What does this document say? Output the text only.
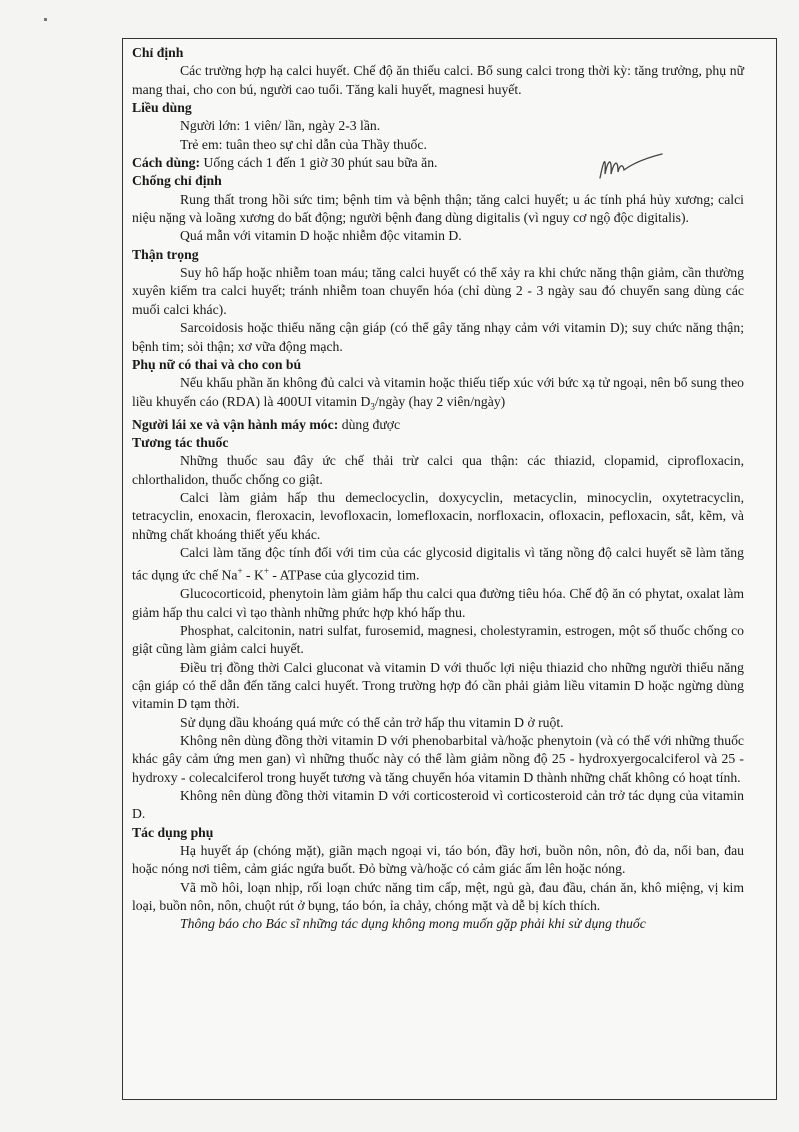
Chỉ định

Các trường hợp hạ calci huyết. Chế độ ăn thiếu calci. Bổ sung calci trong thời kỳ: tăng trưởng, phụ nữ mang thai, cho con bú, người cao tuổi. Tăng kali huyết, magnesi huyết.

Liều dùng

Người lớn: 1 viên/ lần, ngày 2-3 lần.

Trẻ em: tuân theo sự chỉ dẫn của Thầy thuốc.

Cách dùng: Uống cách 1 đến 1 giờ 30 phút sau bữa ăn.

Chống chỉ định

Rung thất trong hồi sức tim; bệnh tim và bệnh thận; tăng calci huyết; u ác tính phá hủy xương; calci niệu nặng và loãng xương do bất động; người bệnh đang dùng digitalis (vì nguy cơ ngộ độc digitalis).

Quá mẫn với vitamin D hoặc nhiễm độc vitamin D.

Thận trọng

Suy hô hấp hoặc nhiễm toan máu; tăng calci huyết có thể xảy ra khi chức năng thận giảm, cần thường xuyên kiểm tra calci huyết; tránh nhiễm toan chuyển hóa (chỉ dùng 2 - 3 ngày sau đó chuyển sang dùng các muối calci khác).

Sarcoidosis hoặc thiểu năng cận giáp (có thể gây tăng nhạy cảm với vitamin D); suy chức năng thận; bệnh tim; sỏi thận; xơ vữa động mạch.

Phụ nữ có thai và cho con bú

Nếu khẩu phần ăn không đủ calci và vitamin hoặc thiếu tiếp xúc với bức xạ tử ngoại, nên bổ sung theo liều khuyến cáo (RDA) là 400UI vitamin $D_3$/ngày (hay 2 viên/ngày)

Người lái xe và vận hành máy móc: dùng được

Tương tác thuốc

Những thuốc sau đây ức chế thải trừ calci qua thận: các thiazid, clopamid, ciprofloxacin, chlorthalidon, thuốc chống co giật.

Calci làm giảm hấp thu demeclocyclin, doxycyclin, metacyclin, minocyclin, oxytetracyclin, tetracyclin, enoxacin, fleroxacin, levofloxacin, lomefloxacin, norfloxacin, ofloxacin, pefloxacin, sắt, kẽm, và những chất khoáng thiết yếu khác.

Calci làm tăng độc tính đối với tim của các glycosid digitalis vì tăng nồng độ calci huyết sẽ làm tăng tác dụng ức chế Na+ - K+ - ATPase của glycozid tim.

Glucocorticoid, phenytoin làm giảm hấp thu calci qua đường tiêu hóa. Chế độ ăn có phytat, oxalat làm giảm hấp thu calci vì tạo thành những phức hợp khó hấp thu.

Phosphat, calcitonin, natri sulfat, furosemid, magnesi, cholestyramin, estrogen, một số thuốc chống co giật cũng làm giảm calci huyết.

Điều trị đồng thời Calci gluconat và vitamin D với thuốc lợi niệu thiazid cho những người thiểu năng cận giáp có thể dẫn đến tăng calci huyết. Trong trường hợp đó cần phải giảm liều vitamin D hoặc ngừng dùng vitamin D tạm thời.

Sử dụng dầu khoáng quá mức có thể cản trở hấp thu vitamin D ở ruột.

Không nên dùng đồng thời vitamin D với phenobarbital và/hoặc phenytoin (và có thể với những thuốc khác gây cảm ứng men gan) vì những thuốc này có thể làm giảm nồng độ 25 - hydroxyergocalciferol và 25 - hydroxy - colecalciferol trong huyết tương và tăng chuyển hóa vitamin D thành những chất không có hoạt tính.

Không nên dùng đồng thời vitamin D với corticosteroid vì corticosteroid cản trở tác dụng của vitamin D.

Tác dụng phụ

Hạ huyết áp (chóng mặt), giãn mạch ngoại vi, táo bón, đầy hơi, buồn nôn, nôn, đỏ da, nổi ban, đau hoặc nóng nơi tiêm, cảm giác ngứa buốt. Đỏ bừng và/hoặc có cảm giác ấm lên hoặc nóng.

Vã mồ hôi, loạn nhịp, rối loạn chức năng tim cấp, mệt, ngủ gà, đau đầu, chán ăn, khô miệng, vị kim loại, buồn nôn, nôn, chuột rút ở bụng, táo bón, ỉa chảy, chóng mặt và dễ bị kích thích.

Thông báo cho Bác sĩ những tác dụng không mong muốn gặp phải khi sử dụng thuốc
